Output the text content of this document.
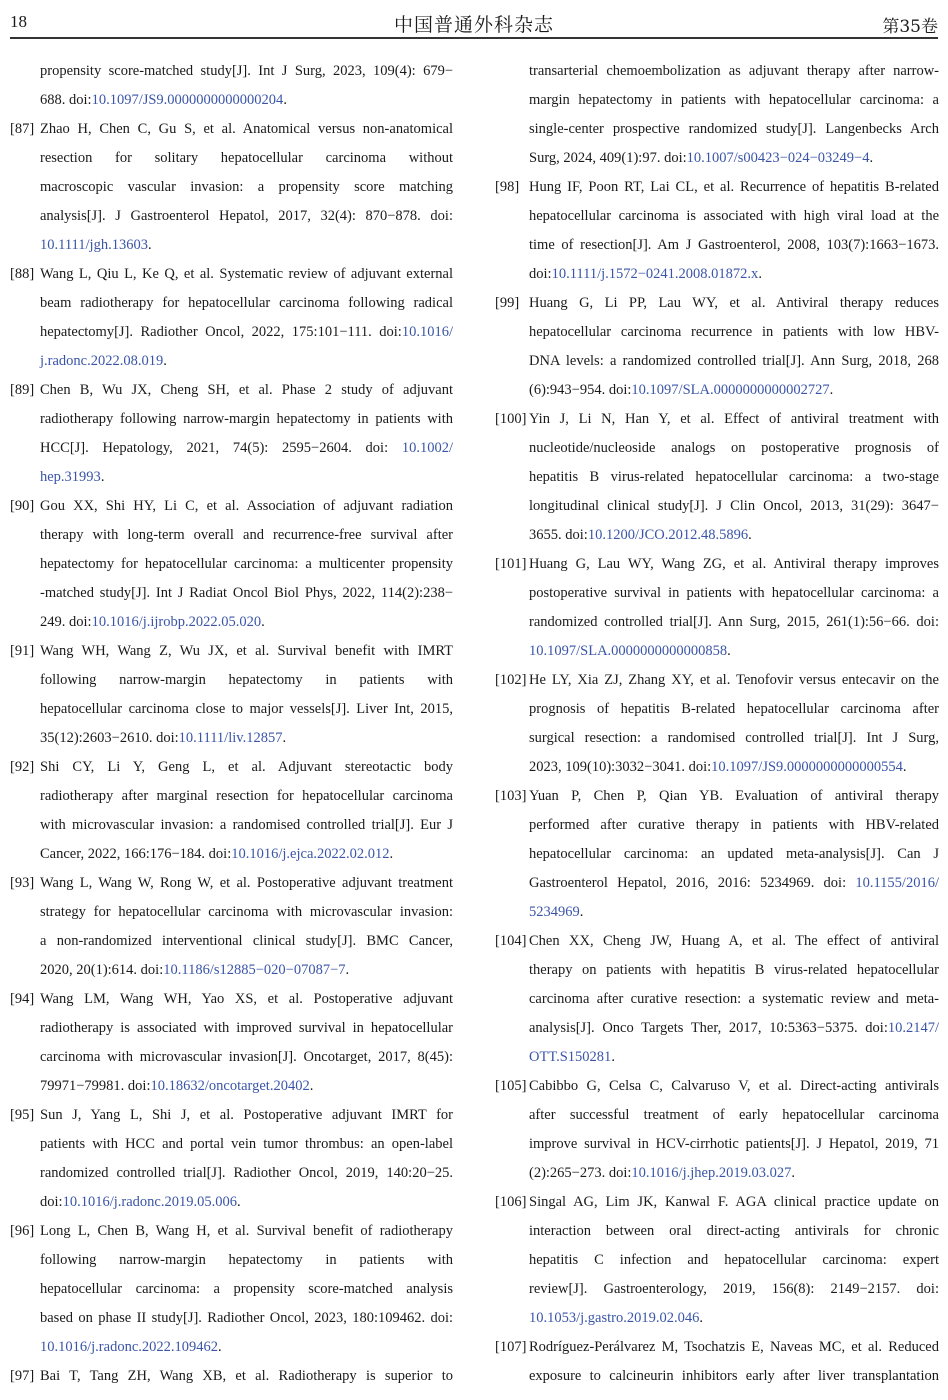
18	中国普通外科杂志	第35卷
propensity score-matched study[J]. Int J Surg, 2023, 109(4): 679−
688. doi:10.1097/JS9.0000000000000204.
[87] Zhao H, Chen C, Gu S, et al. Anatomical versus non-anatomical
resection for solitary hepatocellular carcinoma without
macroscopic vascular invasion: a propensity score matching
analysis[J]. J Gastroenterol Hepatol, 2017, 32(4): 870−878. doi:
10.1111/jgh.13603.
[88] Wang L, Qiu L, Ke Q, et al. Systematic review of adjuvant external
beam radiotherapy for hepatocellular carcinoma following radical
hepatectomy[J]. Radiother Oncol, 2022, 175:101−111. doi:10.1016/
j.radonc.2022.08.019.
[89] Chen B, Wu JX, Cheng SH, et al. Phase 2 study of adjuvant
radiotherapy following narrow-margin hepatectomy in patients with
HCC[J]. Hepatology, 2021, 74(5): 2595−2604. doi: 10.1002/
hep.31993.
[90] Gou XX, Shi HY, Li C, et al. Association of adjuvant radiation
therapy with long-term overall and recurrence-free survival after
hepatectomy for hepatocellular carcinoma: a multicenter propensity
-matched study[J]. Int J Radiat Oncol Biol Phys, 2022, 114(2):238−
249. doi:10.1016/j.ijrobp.2022.05.020.
[91] Wang WH, Wang Z, Wu JX, et al. Survival benefit with IMRT
following narrow-margin hepatectomy in patients with
hepatocellular carcinoma close to major vessels[J]. Liver Int, 2015,
35(12):2603−2610. doi:10.1111/liv.12857.
[92] Shi CY, Li Y, Geng L, et al. Adjuvant stereotactic body
radiotherapy after marginal resection for hepatocellular carcinoma
with microvascular invasion: a randomised controlled trial[J]. Eur J
Cancer, 2022, 166:176−184. doi:10.1016/j.ejca.2022.02.012.
[93] Wang L, Wang W, Rong W, et al. Postoperative adjuvant treatment
strategy for hepatocellular carcinoma with microvascular invasion:
a non-randomized interventional clinical study[J]. BMC Cancer,
2020, 20(1):614. doi:10.1186/s12885−020−07087−7.
[94] Wang LM, Wang WH, Yao XS, et al. Postoperative adjuvant
radiotherapy is associated with improved survival in hepatocellular
carcinoma with microvascular invasion[J]. Oncotarget, 2017, 8(45):
79971−79981. doi:10.18632/oncotarget.20402.
[95] Sun J, Yang L, Shi J, et al. Postoperative adjuvant IMRT for
patients with HCC and portal vein tumor thrombus: an open-label
randomized controlled trial[J]. Radiother Oncol, 2019, 140:20−25.
doi:10.1016/j.radonc.2019.05.006.
[96] Long L, Chen B, Wang H, et al. Survival benefit of radiotherapy
following narrow-margin hepatectomy in patients with
hepatocellular carcinoma: a propensity score-matched analysis
based on phase II study[J]. Radiother Oncol, 2023, 180:109462. doi:
10.1016/j.radonc.2022.109462.
[97] Bai T, Tang ZH, Wang XB, et al. Radiotherapy is superior to
transarterial chemoembolization as adjuvant therapy after narrow-
margin hepatectomy in patients with hepatocellular carcinoma: a
single-center prospective randomized study[J]. Langenbecks Arch
Surg, 2024, 409(1):97. doi:10.1007/s00423−024−03249−4.
[98] Hung IF, Poon RT, Lai CL, et al. Recurrence of hepatitis B-related
hepatocellular carcinoma is associated with high viral load at the
time of resection[J]. Am J Gastroenterol, 2008, 103(7):1663−1673.
doi:10.1111/j.1572−0241.2008.01872.x.
[99] Huang G, Li PP, Lau WY, et al. Antiviral therapy reduces
hepatocellular carcinoma recurrence in patients with low HBV-
DNA levels: a randomized controlled trial[J]. Ann Surg, 2018, 268
(6):943−954. doi:10.1097/SLA.0000000000002727.
[100] Yin J, Li N, Han Y, et al. Effect of antiviral treatment with
nucleotide/nucleoside analogs on postoperative prognosis of
hepatitis B virus-related hepatocellular carcinoma: a two-stage
longitudinal clinical study[J]. J Clin Oncol, 2013, 31(29): 3647−
3655. doi:10.1200/JCO.2012.48.5896.
[101] Huang G, Lau WY, Wang ZG, et al. Antiviral therapy improves
postoperative survival in patients with hepatocellular carcinoma: a
randomized controlled trial[J]. Ann Surg, 2015, 261(1):56−66. doi:
10.1097/SLA.0000000000000858.
[102] He LY, Xia ZJ, Zhang XY, et al. Tenofovir versus entecavir on the
prognosis of hepatitis B-related hepatocellular carcinoma after
surgical resection: a randomised controlled trial[J]. Int J Surg,
2023, 109(10):3032−3041. doi:10.1097/JS9.0000000000000554.
[103] Yuan P, Chen P, Qian YB. Evaluation of antiviral therapy
performed after curative therapy in patients with HBV-related
hepatocellular carcinoma: an updated meta-analysis[J]. Can J
Gastroenterol Hepatol, 2016, 2016: 5234969. doi: 10.1155/2016/
5234969.
[104] Chen XX, Cheng JW, Huang A, et al. The effect of antiviral
therapy on patients with hepatitis B virus-related hepatocellular
carcinoma after curative resection: a systematic review and meta-
analysis[J]. Onco Targets Ther, 2017, 10:5363−5375. doi:10.2147/
OTT.S150281.
[105] Cabibbo G, Celsa C, Calvaruso V, et al. Direct-acting antivirals
after successful treatment of early hepatocellular carcinoma
improve survival in HCV-cirrhotic patients[J]. J Hepatol, 2019, 71
(2):265−273. doi:10.1016/j.jhep.2019.03.027.
[106] Singal AG, Lim JK, Kanwal F. AGA clinical practice update on
interaction between oral direct-acting antivirals for chronic
hepatitis C infection and hepatocellular carcinoma: expert
review[J]. Gastroenterology, 2019, 156(8): 2149−2157. doi:
10.1053/j.gastro.2019.02.046.
[107] Rodríguez-Perálvarez M, Tsochatzis E, Naveas MC, et al. Reduced
exposure to calcineurin inhibitors early after liver transplantation
